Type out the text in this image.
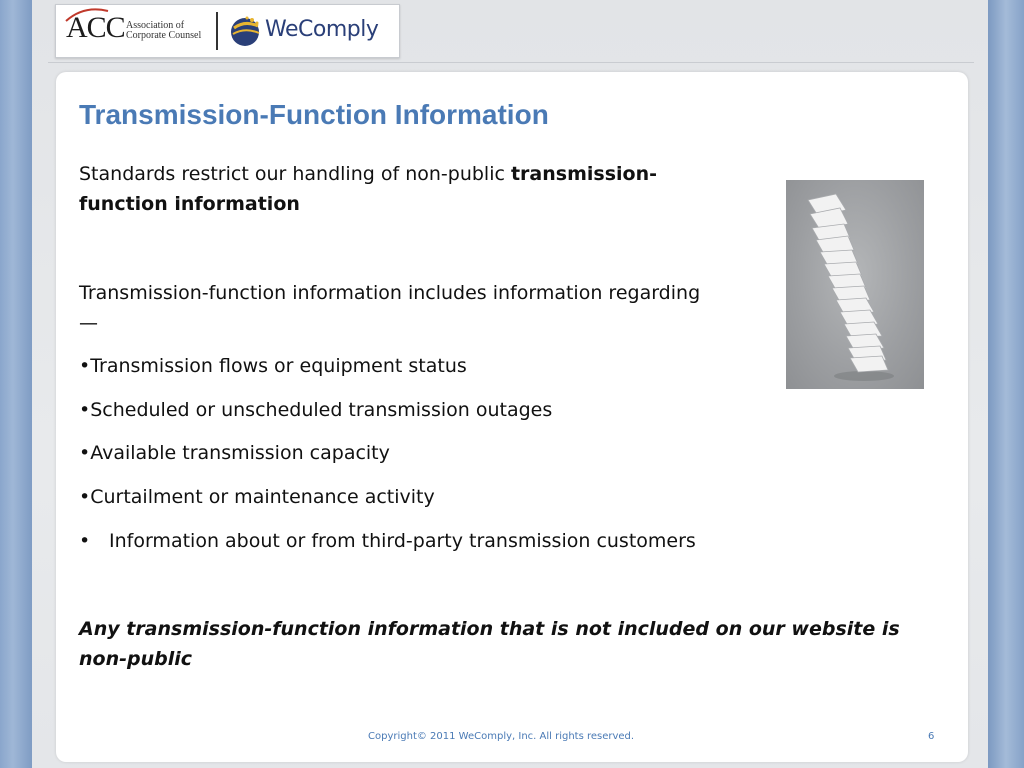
ACC Association of
Corporate Counsel	WeComply
Transmission-Function Information
Standards restrict our handling of non-public transmission-function information
Transmission-function information includes information regarding —
•Transmission flows or equipment status
•Scheduled or unscheduled transmission outages
•Available transmission capacity
•Curtailment or maintenance activity
• Information about or from third-party transmission customers
Any transmission-function information that is not included on our website is non-public
Copyright© 2011 WeComply, Inc. All rights reserved.	6
